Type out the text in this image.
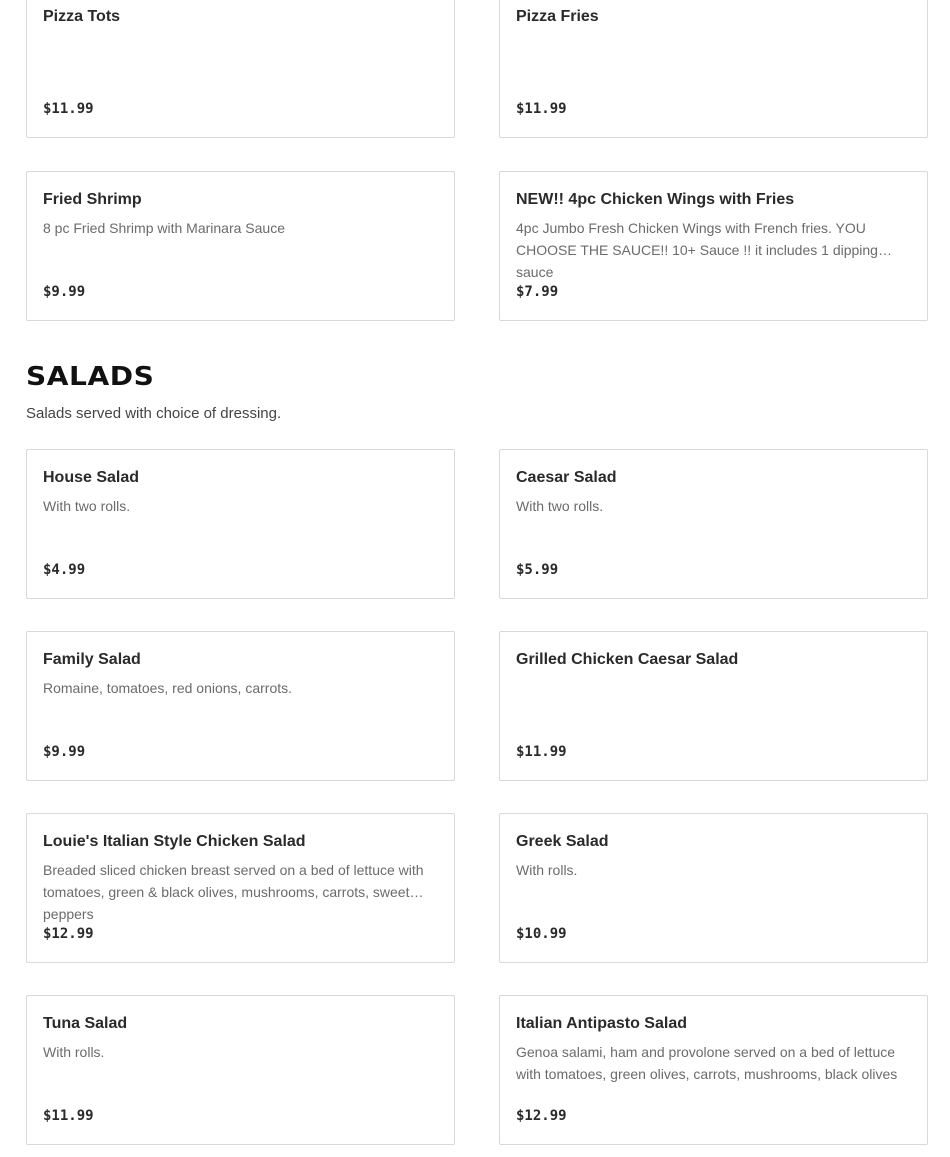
Pizza Tots
$11.99
Pizza Fries
$11.99
Fried Shrimp
8 pc Fried Shrimp with Marinara Sauce
$9.99
NEW!! 4pc Chicken Wings with Fries
4pc Jumbo Fresh Chicken Wings with French fries. YOU CHOOSE THE SAUCE!! 10+ Sauce !! it includes 1 dipping sauce
$7.99
SALADS
Salads served with choice of dressing.
House Salad
With two rolls.
$4.99
Caesar Salad
With two rolls.
$5.99
Family Salad
Romaine, tomatoes, red onions, carrots.
$9.99
Grilled Chicken Caesar Salad
$11.99
Louie's Italian Style Chicken Salad
Breaded sliced chicken breast served on a bed of lettuce with tomatoes, green & black olives, mushrooms, carrots, sweet peppers
$12.99
Greek Salad
With rolls.
$10.99
Tuna Salad
With rolls.
$11.99
Italian Antipasto Salad
Genoa salami, ham and provolone served on a bed of lettuce with tomatoes, green olives, carrots, mushrooms, black olives
$12.99
